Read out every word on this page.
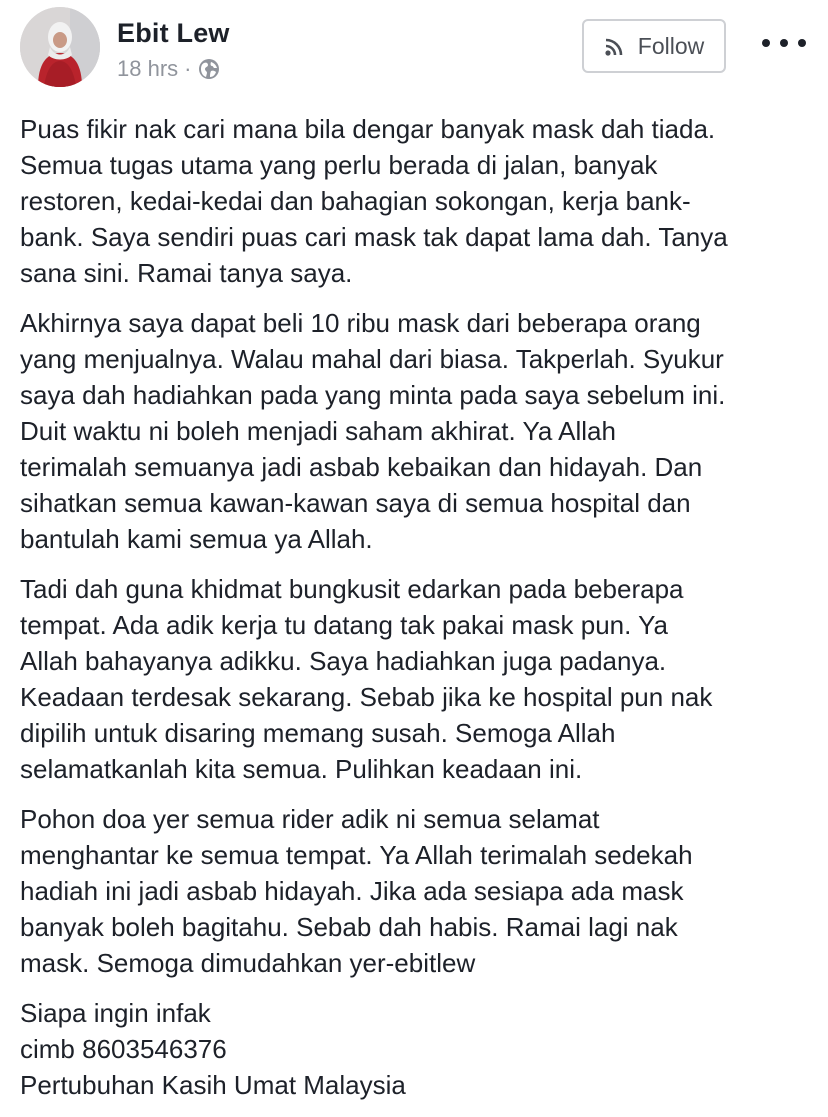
Ebit Lew
18 hrs ·
Follow

Puas fikir nak cari mana bila dengar banyak mask dah tiada.
Semua tugas utama yang perlu berada di jalan, banyak
restoren, kedai-kedai dan bahagian sokongan, kerja bank-
bank. Saya sendiri puas cari mask tak dapat lama dah. Tanya
sana sini. Ramai tanya saya.

Akhirnya saya dapat beli 10 ribu mask dari beberapa orang
yang menjualnya. Walau mahal dari biasa. Takperlah. Syukur
saya dah hadiahkan pada yang minta pada saya sebelum ini.
Duit waktu ni boleh menjadi saham akhirat. Ya Allah
terimalah semuanya jadi asbab kebaikan dan hidayah. Dan
sihatkan semua kawan-kawan saya di semua hospital dan
bantulah kami semua ya Allah.

Tadi dah guna khidmat bungkusit edarkan pada beberapa
tempat. Ada adik kerja tu datang tak pakai mask pun. Ya
Allah bahayanya adikku. Saya hadiahkan juga padanya.
Keadaan terdesak sekarang. Sebab jika ke hospital pun nak
dipilih untuk disaring memang susah. Semoga Allah
selamatkanlah kita semua. Pulihkan keadaan ini.

Pohon doa yer semua rider adik ni semua selamat
menghantar ke semua tempat. Ya Allah terimalah sedekah
hadiah ini jadi asbab hidayah. Jika ada sesiapa ada mask
banyak boleh bagitahu. Sebab dah habis. Ramai lagi nak
mask. Semoga dimudahkan yer-ebitlew

Siapa ingin infak
cimb 8603546376
Pertubuhan Kasih Umat Malaysia
